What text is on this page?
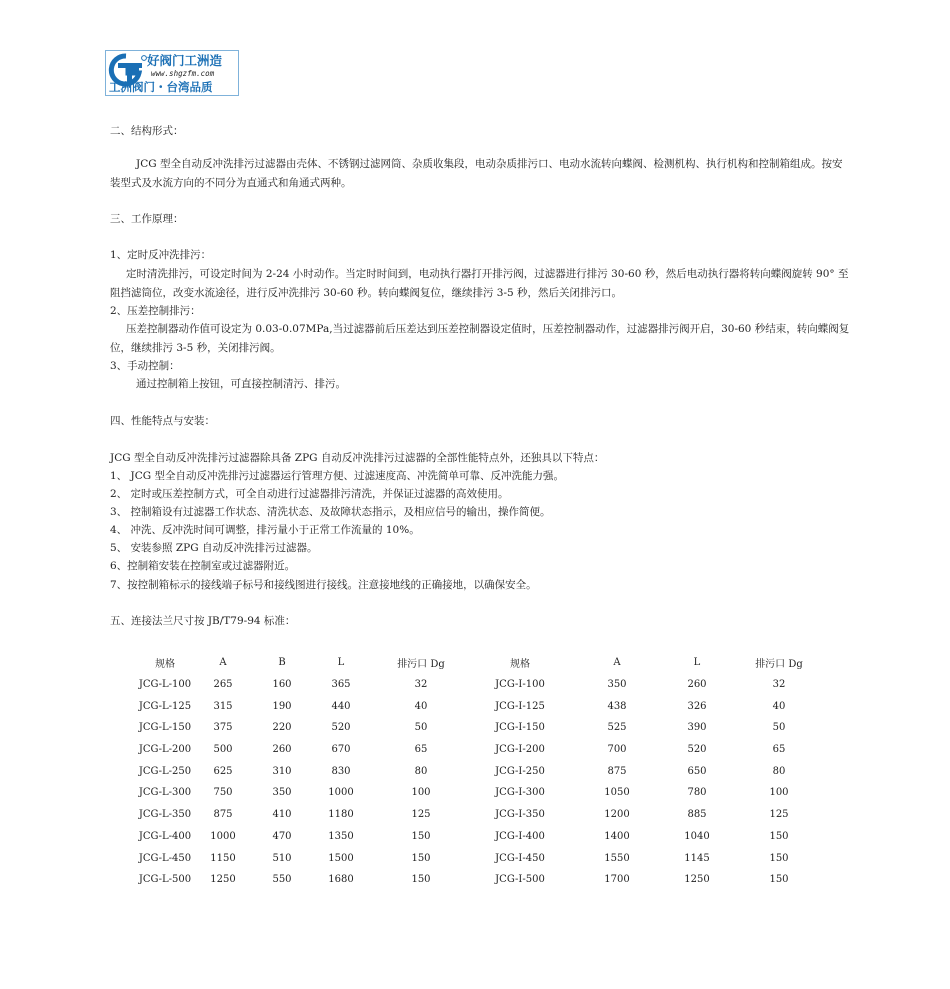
好阀门工洲造
www.shgzfm.com
工洲阀门・台湾品质
二、结构形式：
JCG 型全自动反冲洗排污过滤器由壳体、不锈钢过滤网筒、杂质收集段，电动杂质排污口、电动水流转向蝶阀、检测机构、执行机构和控制箱组成。按安
装型式及水流方向的不同分为直通式和角通式两种。
三、工作原理：
1、定时反冲洗排污：
定时清洗排污，可设定时间为 2-24 小时动作。当定时时间到，电动执行器打开排污阀，过滤器进行排污 30-60 秒，然后电动执行器将转向蝶阀旋转 90° 至
阻挡滤筒位，改变水流途径，进行反冲洗排污 30-60 秒。转向蝶阀复位，继续排污 3-5 秒，然后关闭排污口。
2、压差控制排污：
压差控制器动作值可设定为 0.03-0.07MPa,当过滤器前后压差达到压差控制器设定值时，压差控制器动作，过滤器排污阀开启，30-60 秒结束，转向蝶阀复
位，继续排污 3-5 秒，关闭排污阀。
3、手动控制：
通过控制箱上按钮，可直接控制清污、排污。
四、性能特点与安装：
JCG 型全自动反冲洗排污过滤器除具备 ZPG 自动反冲洗排污过滤器的全部性能特点外，还独具以下特点：
1、 JCG 型全自动反冲洗排污过滤器运行管理方便、过滤速度高、冲洗简单可靠、反冲洗能力强。
2、 定时或压差控制方式，可全自动进行过滤器排污清洗，并保证过滤器的高效使用。
3、 控制箱设有过滤器工作状态、清洗状态、及故障状态指示，及相应信号的输出，操作简便。
4、 冲洗、反冲洗时间可调整，排污量小于正常工作流量的 10%。
5、 安装参照 ZPG 自动反冲洗排污过滤器。
6、控制箱安装在控制室或过滤器附近。
7、按控制箱标示的接线端子标号和接线图进行接线。注意接地线的正确接地，以确保安全。
五、连接法兰尺寸按 JB/T79-94 标准：
规格	A	B	L	排污口 Dg	规格	A	L	排污口 Dg
JCG-L-100	265	160	365	32	JCG-I-100	350	260	32
JCG-L-125	315	190	440	40	JCG-I-125	438	326	40
JCG-L-150	375	220	520	50	JCG-I-150	525	390	50
JCG-L-200	500	260	670	65	JCG-I-200	700	520	65
JCG-L-250	625	310	830	80	JCG-I-250	875	650	80
JCG-L-300	750	350	1000	100	JCG-I-300	1050	780	100
JCG-L-350	875	410	1180	125	JCG-I-350	1200	885	125
JCG-L-400	1000	470	1350	150	JCG-I-400	1400	1040	150
JCG-L-450	1150	510	1500	150	JCG-I-450	1550	1145	150
JCG-L-500	1250	550	1680	150	JCG-I-500	1700	1250	150
